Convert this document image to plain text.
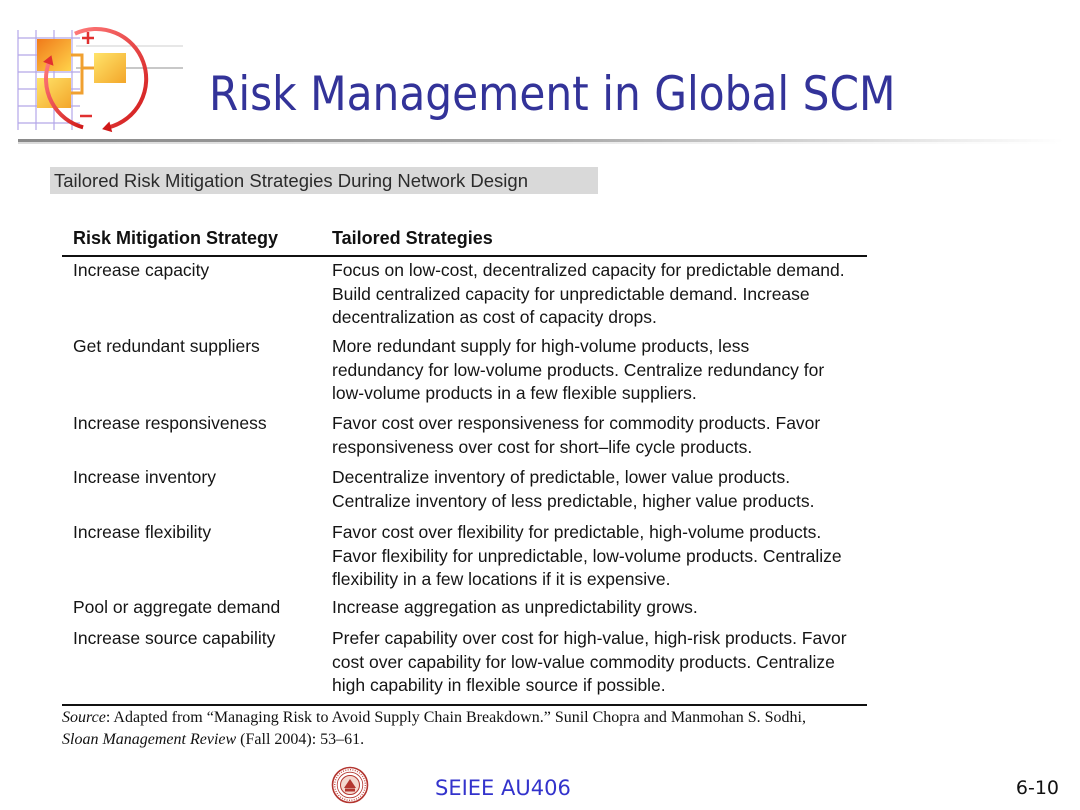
Risk Management in Global SCM
Tailored Risk Mitigation Strategies During Network Design
Risk Mitigation Strategy	Tailored Strategies
Increase capacity	Focus on low-cost, decentralized capacity for predictable demand.
Build centralized capacity for unpredictable demand. Increase
decentralization as cost of capacity drops.
Get redundant suppliers	More redundant supply for high-volume products, less
redundancy for low-volume products. Centralize redundancy for
low-volume products in a few flexible suppliers.
Increase responsiveness	Favor cost over responsiveness for commodity products. Favor
responsiveness over cost for short–life cycle products.
Increase inventory	Decentralize inventory of predictable, lower value products.
Centralize inventory of less predictable, higher value products.
Increase flexibility	Favor cost over flexibility for predictable, high-volume products.
Favor flexibility for unpredictable, low-volume products. Centralize
flexibility in a few locations if it is expensive.
Pool or aggregate demand	Increase aggregation as unpredictability grows.
Increase source capability	Prefer capability over cost for high-value, high-risk products. Favor
cost over capability for low-value commodity products. Centralize
high capability in flexible source if possible.
Source: Adapted from “Managing Risk to Avoid Supply Chain Breakdown.” Sunil Chopra and Manmohan S. Sodhi,
Sloan Management Review (Fall 2004): 53–61.
SEIEE AU406	6-10
